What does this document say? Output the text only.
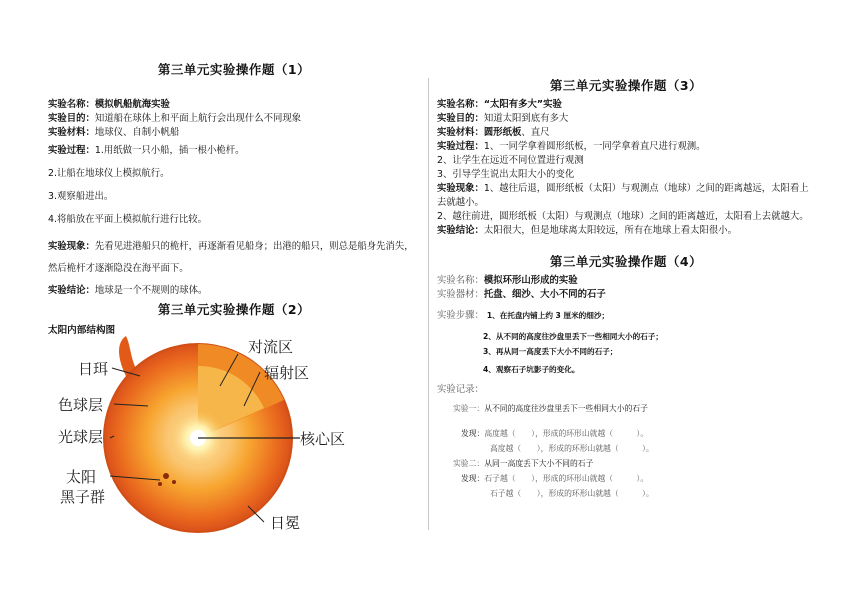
第三单元实验操作题（1）

实验名称：模拟帆船航海实验

实验目的：知道船在球体上和平面上航行会出现什么不同现象

实验材料：地球仪、自制小帆船

实验过程：1.用纸做一只小船，插一根小桅杆。

2.让船在地球仪上模拟航行。

3.观察船进出。

4.将船放在平面上模拟航行进行比较。

实验现象：先看见进港船只的桅杆，再逐渐看见船身；出港的船只，则总是船身先消失，然后桅杆才逐渐隐没在海平面下。

实验结论：地球是一个不规则的球体。

第三单元实验操作题（2）

太阳内部结构图

对流区
辐射区
核心区
日珥
色球层
光球层
太阳
黑子群
日冕

第三单元实验操作题（3）

实验名称：“太阳有多大”实验

实验目的：知道太阳到底有多大

实验材料：圆形纸板、直尺

实验过程：1、一同学拿着圆形纸板，一同学拿着直尺进行观测。

2、让学生在远近不同位置进行观测

3、引导学生说出太阳大小的变化

实验现象：1、越往后退，圆形纸板（太阳）与观测点（地球）之间的距离越远，太阳看上去就越小。

2、越往前进，圆形纸板（太阳）与观测点（地球）之间的距离越近，太阳看上去就越大。

实验结论：太阳很大，但是地球离太阳较远，所有在地球上看太阳很小。

第三单元实验操作题（4）

实验名称：模拟环形山形成的实验

实验器材：托盘、细沙、大小不同的石子

实验步骤： 1、在托盘内铺上约 3 厘米的细沙；

2、从不同的高度往沙盘里丢下一些相同大小的石子；

3、再从同一高度丢下大小不同的石子；

4、观察石子坑影子的变化。

实验记录：

实验一：从不同的高度往沙盘里丢下一些相同大小的石子

发现：高度越（　　），形成的环形山就越（　　　）。

高度越（　　），形成的环形山就越（　　　）。

实验二：从同一高度丢下大小不同的石子

发现：石子越（　　），形成的环形山就越（　　　）。

石子越（　　），形成的环形山就越（　　　）。
